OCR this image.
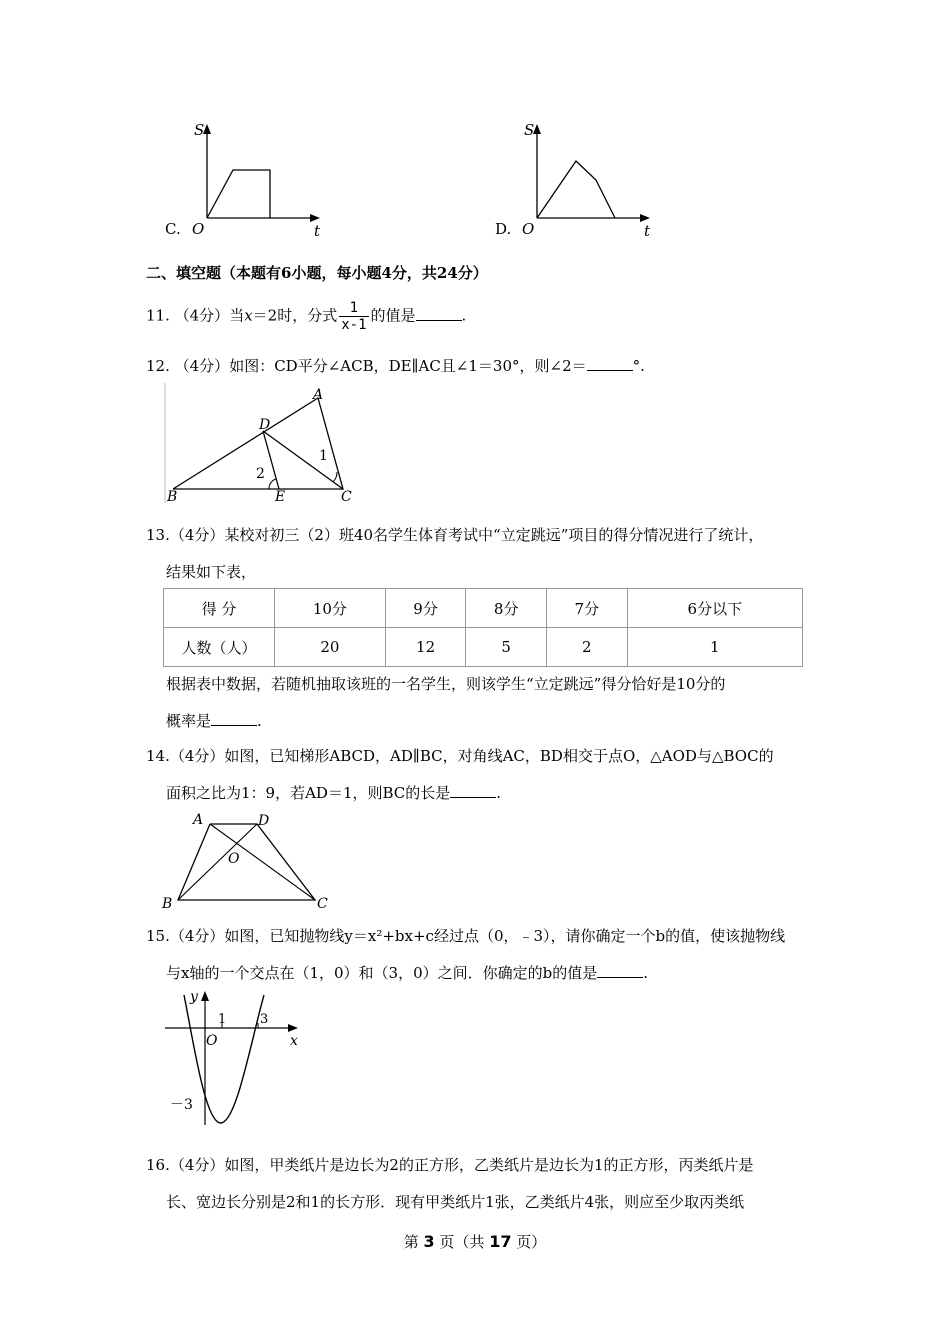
S
t
O
C.
S
t
O
D.
二、填空题（本题有6小题，每小题4分，共24分）
11. （4分）当x＝2时，分式 $\frac{1}{x-1}$ 的值是	.
12. （4分）如图：CD平分∠ACB，DE∥AC且∠1＝30°，则∠2＝	°.
A
D
B	E	C
1
2
13.（4分）某校对初三（2）班40名学生体育考试中“立定跳远”项目的得分情况进行了统计，
结果如下表，
得 分	10分	9分	8分	7分	6分以下
人数（人）	20	12	5	2	1
根据表中数据，若随机抽取该班的一名学生，则该学生“立定跳远”得分恰好是10分的
概率是	.
14.（4分）如图，已知梯形ABCD，AD∥BC，对角线AC，BD相交于点O，△AOD与△BOC的
面积之比为1：9，若AD＝1，则BC的长是	.
A	D
O
B	C
15.（4分）如图，已知抛物线y＝x²+bx+c经过点（0，﹣3），请你确定一个b的值，使该抛物线
与x轴的一个交点在（1，0）和（3，0）之间．你确定的b的值是	.
y
x
O
1	3
－3
16.（4分）如图，甲类纸片是边长为2的正方形，乙类纸片是边长为1的正方形，丙类纸片是
长、宽边长分别是2和1的长方形．现有甲类纸片1张，乙类纸片4张，则应至少取丙类纸
第 3 页（共 17 页）
